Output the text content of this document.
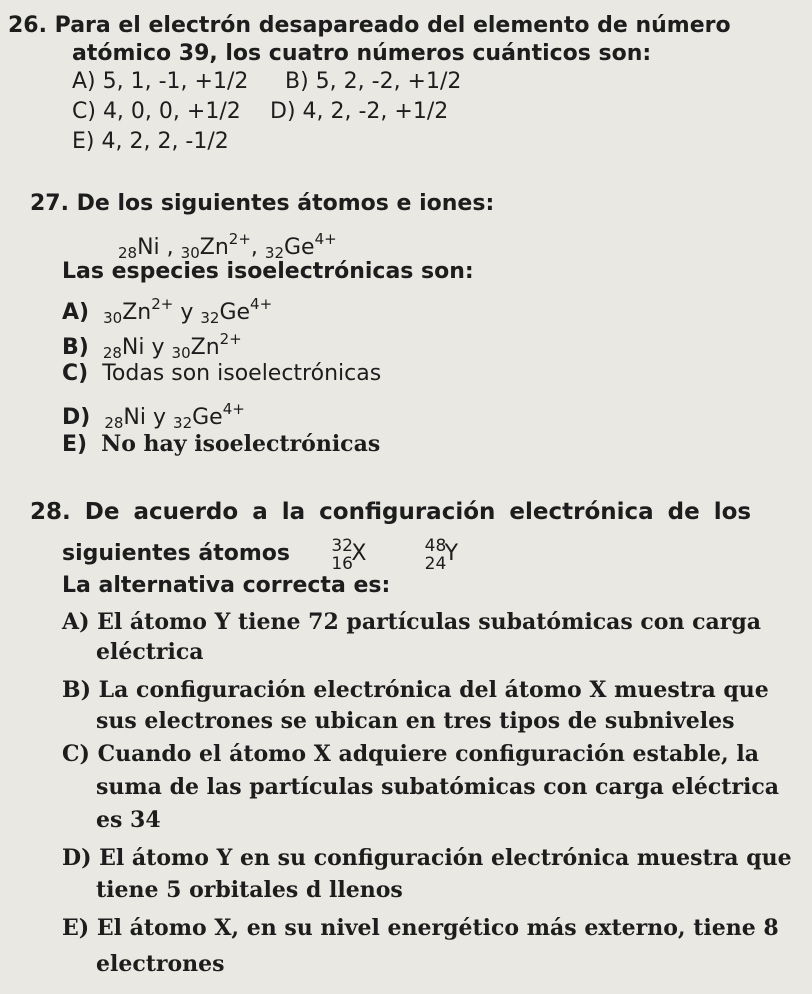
26. Para el electrón desapareado del elemento de número
atómico 39, los cuatro números cuánticos son:
A) 5, 1, -1, +1/2 B) 5, 2, -2, +1/2
C) 4, 0, 0, +1/2 D) 4, 2, -2, +1/2
E) 4, 2, 2, -1/2
27. De los siguientes átomos e iones:
$_{28}$Ni , $_{30}Zn^{2+}$, $_{32}Ge^{4+}$
Las especies isoelectrónicas son:
A) $_{30}Zn^{2+}$ y $_{32}Ge^{4+}$
B) $_{28}$Ni y $_{30}Zn^{2+}$
C) Todas son isoelectrónicas
D) $_{28}$Ni y $_{32}Ge^{4+}$
E) No hay isoelectrónicas
28. De acuerdo a la configuración electrónica de los
siguientes átomos 32
16
X
	48
24
Y
La alternativa correcta es:
A) El átomo Y tiene 72 partículas subatómicas con carga
eléctrica
B) La configuración electrónica del átomo X muestra que
sus electrones se ubican en tres tipos de subniveles
C) Cuando el átomo X adquiere configuración estable, la
suma de las partículas subatómicas con carga eléctrica
es 34
D) El átomo Y en su configuración electrónica muestra que
tiene 5 orbitales d llenos
E) El átomo X, en su nivel energético más externo, tiene 8
electrones
